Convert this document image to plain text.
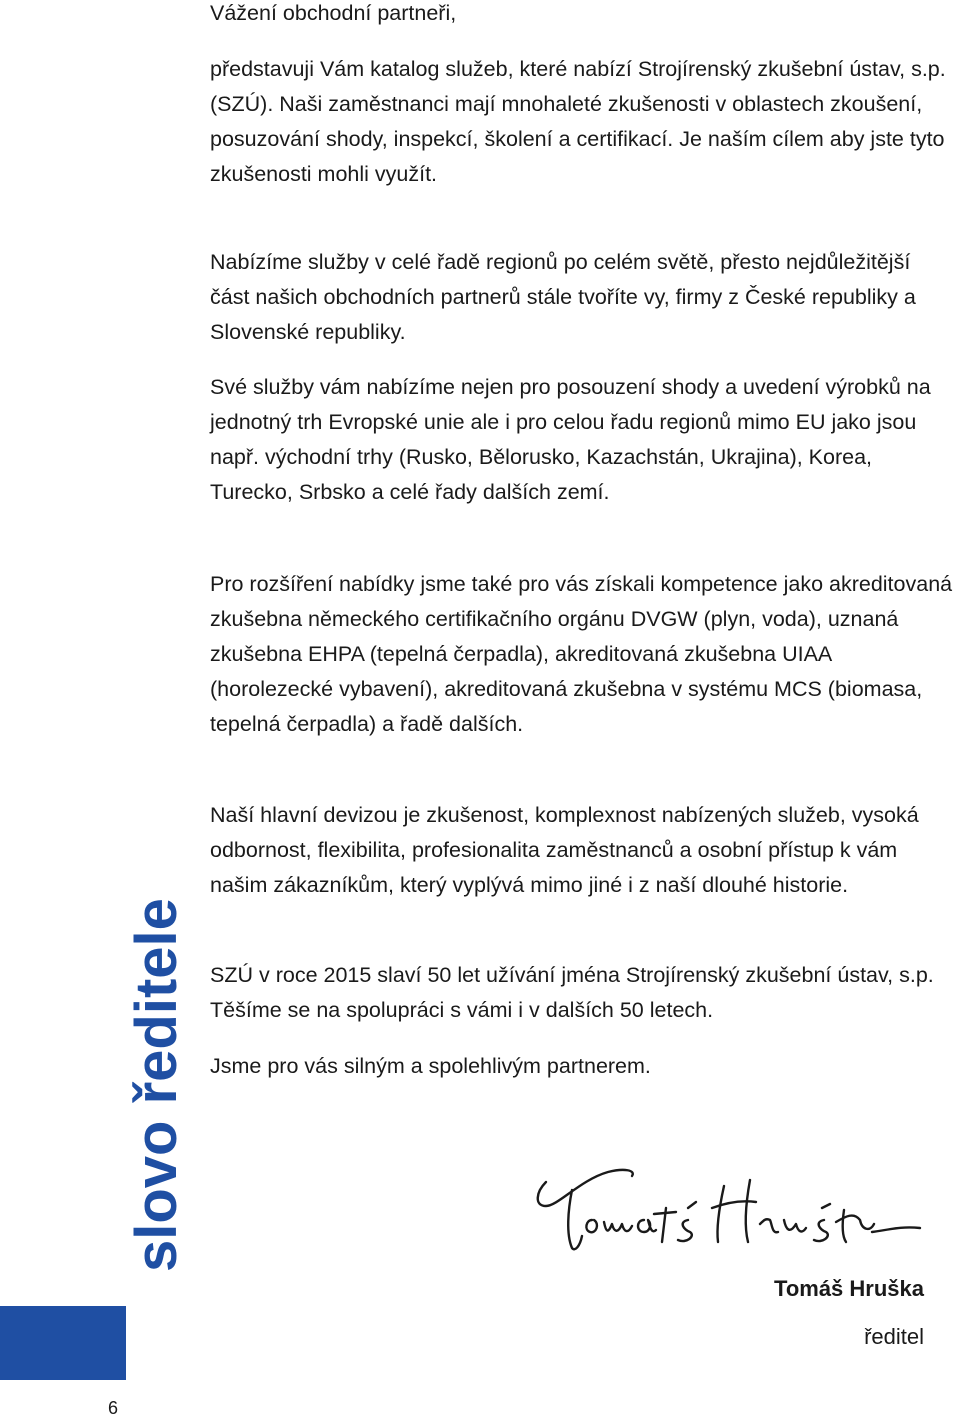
Vážení obchodní partneři,

představuji Vám katalog služeb, které nabízí Strojírenský zkušební ústav, s.p. (SZÚ). Naši zaměstnanci mají mnohaleté zkušenosti v oblastech zkoušení, posuzování shody, inspekcí, školení a certifikací. Je naším cílem aby jste tyto zkušenosti mohli využít.

Nabízíme služby v celé řadě regionů po celém světě, přesto nejdůležitější část našich obchodních partnerů stále tvoříte vy, firmy z České republiky a Slovenské republiky.

Své služby vám nabízíme nejen pro posouzení shody a uvedení výrobků na jednotný trh Evropské unie ale i pro celou řadu regionů mimo EU jako jsou např. východní trhy (Rusko, Bělorusko, Kazachstán, Ukrajina), Korea, Turecko, Srbsko a celé řady dalších zemí.

Pro rozšíření nabídky jsme také pro vás získali kompetence jako akreditovaná zkušebna německého certifikačního orgánu DVGW (plyn, voda), uznaná zkušebna EHPA (tepelná čerpadla), akreditovaná zkušebna UIAA (horolezecké vybavení), akreditovaná zkušebna v systému MCS (biomasa, tepelná čerpadla) a řadě dalších.

Naší hlavní devizou je zkušenost, komplexnost nabízených služeb, vysoká odbornost, flexibilita, profesionalita zaměstnanců a osobní přístup k vám našim zákazníkům, který vyplývá mimo jiné i z naší dlouhé historie.

SZÚ v roce 2015 slaví 50 let užívání jména Strojírenský zkušební ústav, s.p. Těšíme se na spolupráci s vámi i v dalších 50 letech.

Jsme pro vás silným a spolehlivým partnerem.

slovo ředitele
6
Tomáš Hruška
ředitel
